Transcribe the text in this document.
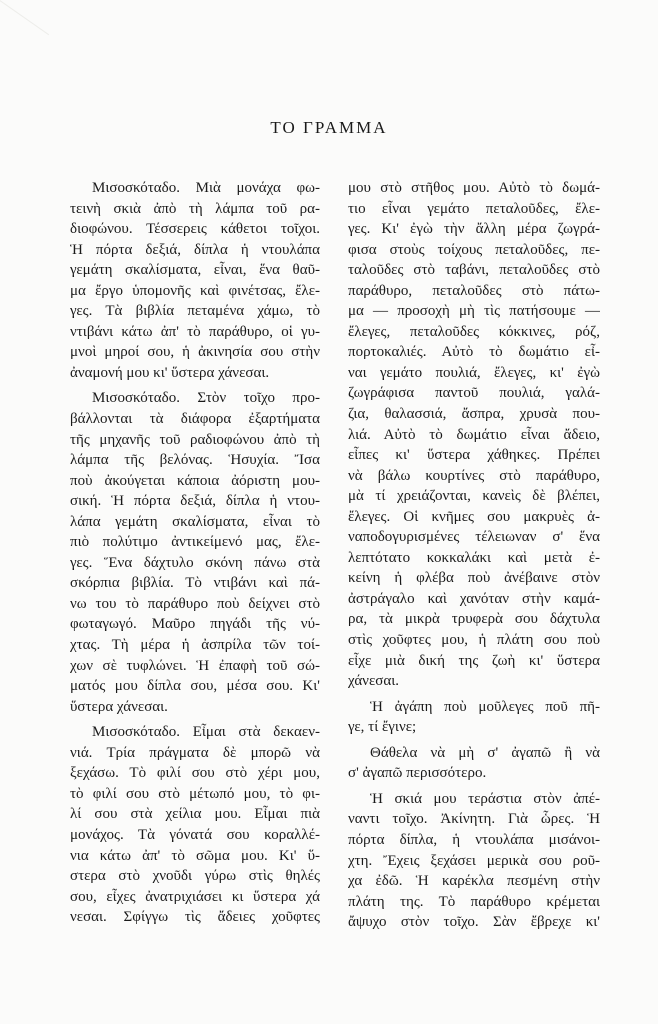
ΤΟ ΓΡΑΜΜΑ

Μισοσκόταδο. Μιὰ μονάχα φω-
τεινὴ σκιὰ ἀπὸ τὴ λάμπα τοῦ ρα-
διοφώνου. Τέσσερεις κάθετοι τοῖχοι.
Ἡ πόρτα δεξιά, δίπλα ἡ ντουλάπα
γεμάτη σκαλίσματα, εἶναι, ἕνα θαῦ-
μα ἔργο ὑπομονῆς καὶ φινέτσας, ἔλε-
γες. Τὰ βιβλία πεταμένα χάμω, τὸ
ντιβάνι κάτω ἀπ' τὸ παράθυρο, οἱ γυ-
μνοὶ μηροί σου, ἡ ἀκινησία σου στὴν
ἀναμονή μου κι' ὕστερα χάνεσαι.

Μισοσκόταδο. Στὸν τοῖχο προ-
βάλλονται τὰ διάφορα ἐξαρτήματα
τῆς μηχανῆς τοῦ ραδιοφώνου ἀπὸ τὴ
λάμπα τῆς βελόνας. Ἡσυχία. Ἴσα
ποὺ ἀκούγεται κάποια ἀόριστη μου-
σική. Ἡ πόρτα δεξιά, δίπλα ἡ ντου-
λάπα γεμάτη σκαλίσματα, εἶναι τὸ
πιὸ πολύτιμο ἀντικείμενό μας, ἔλε-
γες. Ἕνα δάχτυλο σκόνη πάνω στὰ
σκόρπια βιβλία. Τὸ ντιβάνι καὶ πά-
νω του τὸ παράθυρο ποὺ δείχνει στὸ
φωταγωγό. Μαῦρο πηγάδι τῆς νύ-
χτας. Τὴ μέρα ἡ ἀσπρίλα τῶν τοί-
χων σὲ τυφλώνει. Ἡ ἐπαφὴ τοῦ σώ-
ματός μου δίπλα σου, μέσα σου. Κι'
ὕστερα χάνεσαι.

Μισοσκόταδο. Εἶμαι στὰ δεκαεν-
νιά. Τρία πράγματα δὲ μπορῶ νὰ
ξεχάσω. Τὸ φιλί σου στὸ χέρι μου,
τὸ φιλί σου στὸ μέτωπό μου, τὸ φι-
λί σου στὰ χείλια μου. Εἶμαι πιὰ
μονάχος. Τὰ γόνατά σου κοραλλέ-
νια κάτω ἀπ' τὸ σῶμα μου. Κι' ὕ-
στερα στὸ χνοῦδι γύρω στὶς θηλές
σου, εἶχες ἀνατριχιάσει κι ὕστερα χά
νεσαι. Σφίγγω τὶς ἄδειες χοῦφτες

μου στὸ στῆθος μου. Αὐτὸ τὸ δωμά-
τιο εἶναι γεμάτο πεταλοῦδες, ἔλε-
γες. Κι' ἐγὼ τὴν ἄλλη μέρα ζωγρά-
φισα στοὺς τοίχους πεταλοῦδες, πε-
ταλοῦδες στὸ ταβάνι, πεταλοῦδες στὸ
παράθυρο, πεταλοῦδες στὸ πάτω-
μα — προσοχὴ μὴ τὶς πατήσουμε —
ἔλεγες, πεταλοῦδες κόκκινες, ρόζ,
πορτοκαλιές. Αὐτὸ τὸ δωμάτιο εἶ-
ναι γεμάτο πουλιά, ἔλεγες, κι' ἐγὼ
ζωγράφισα παντοῦ πουλιά, γαλά-
ζια, θαλασσιά, ἄσπρα, χρυσὰ που-
λιά. Αὐτὸ τὸ δωμάτιο εἶναι ἄδειο,
εἶπες κι' ὕστερα χάθηκες. Πρέπει
νὰ βάλω κουρτίνες στὸ παράθυρο,
μὰ τί χρειάζονται, κανεὶς δὲ βλέπει,
ἔλεγες. Οἱ κνῆμες σου μακρυὲς ἀ-
ναποδογυρισμένες τέλειωναν σ' ἕνα
λεπτότατο κοκκαλάκι καὶ μετὰ ἐ-
κείνη ἡ φλέβα ποὺ ἀνέβαινε στὸν
ἀστράγαλο καὶ χανόταν στὴν καμά-
ρα, τὰ μικρὰ τρυφερὰ σου δάχτυλα
στὶς χοῦφτες μου, ἡ πλάτη σου ποὺ
εἶχε μιὰ δική της ζωὴ κι' ὕστερα
χάνεσαι.

Ἡ ἀγάπη ποὺ μοῦλεγες ποῦ πῆ-
γε, τί ἔγινε;

Θάθελα νὰ μὴ σ' ἀγαπῶ ἢ νὰ
σ' ἀγαπῶ περισσότερο.

Ἡ σκιά μου τεράστια στὸν ἀπέ-
ναντι τοῖχο. Ἀκίνητη. Γιὰ ὧρες. Ἡ
πόρτα δίπλα, ἡ ντουλάπα μισάνοι-
χτη. Ἔχεις ξεχάσει μερικὰ σου ροῦ-
χα ἐδῶ. Ἡ καρέκλα πεσμένη στὴν
πλάτη της. Τὸ παράθυρο κρέμεται
ἄψυχο στὸν τοῖχο. Σὰν ἔβρεχε κι'
